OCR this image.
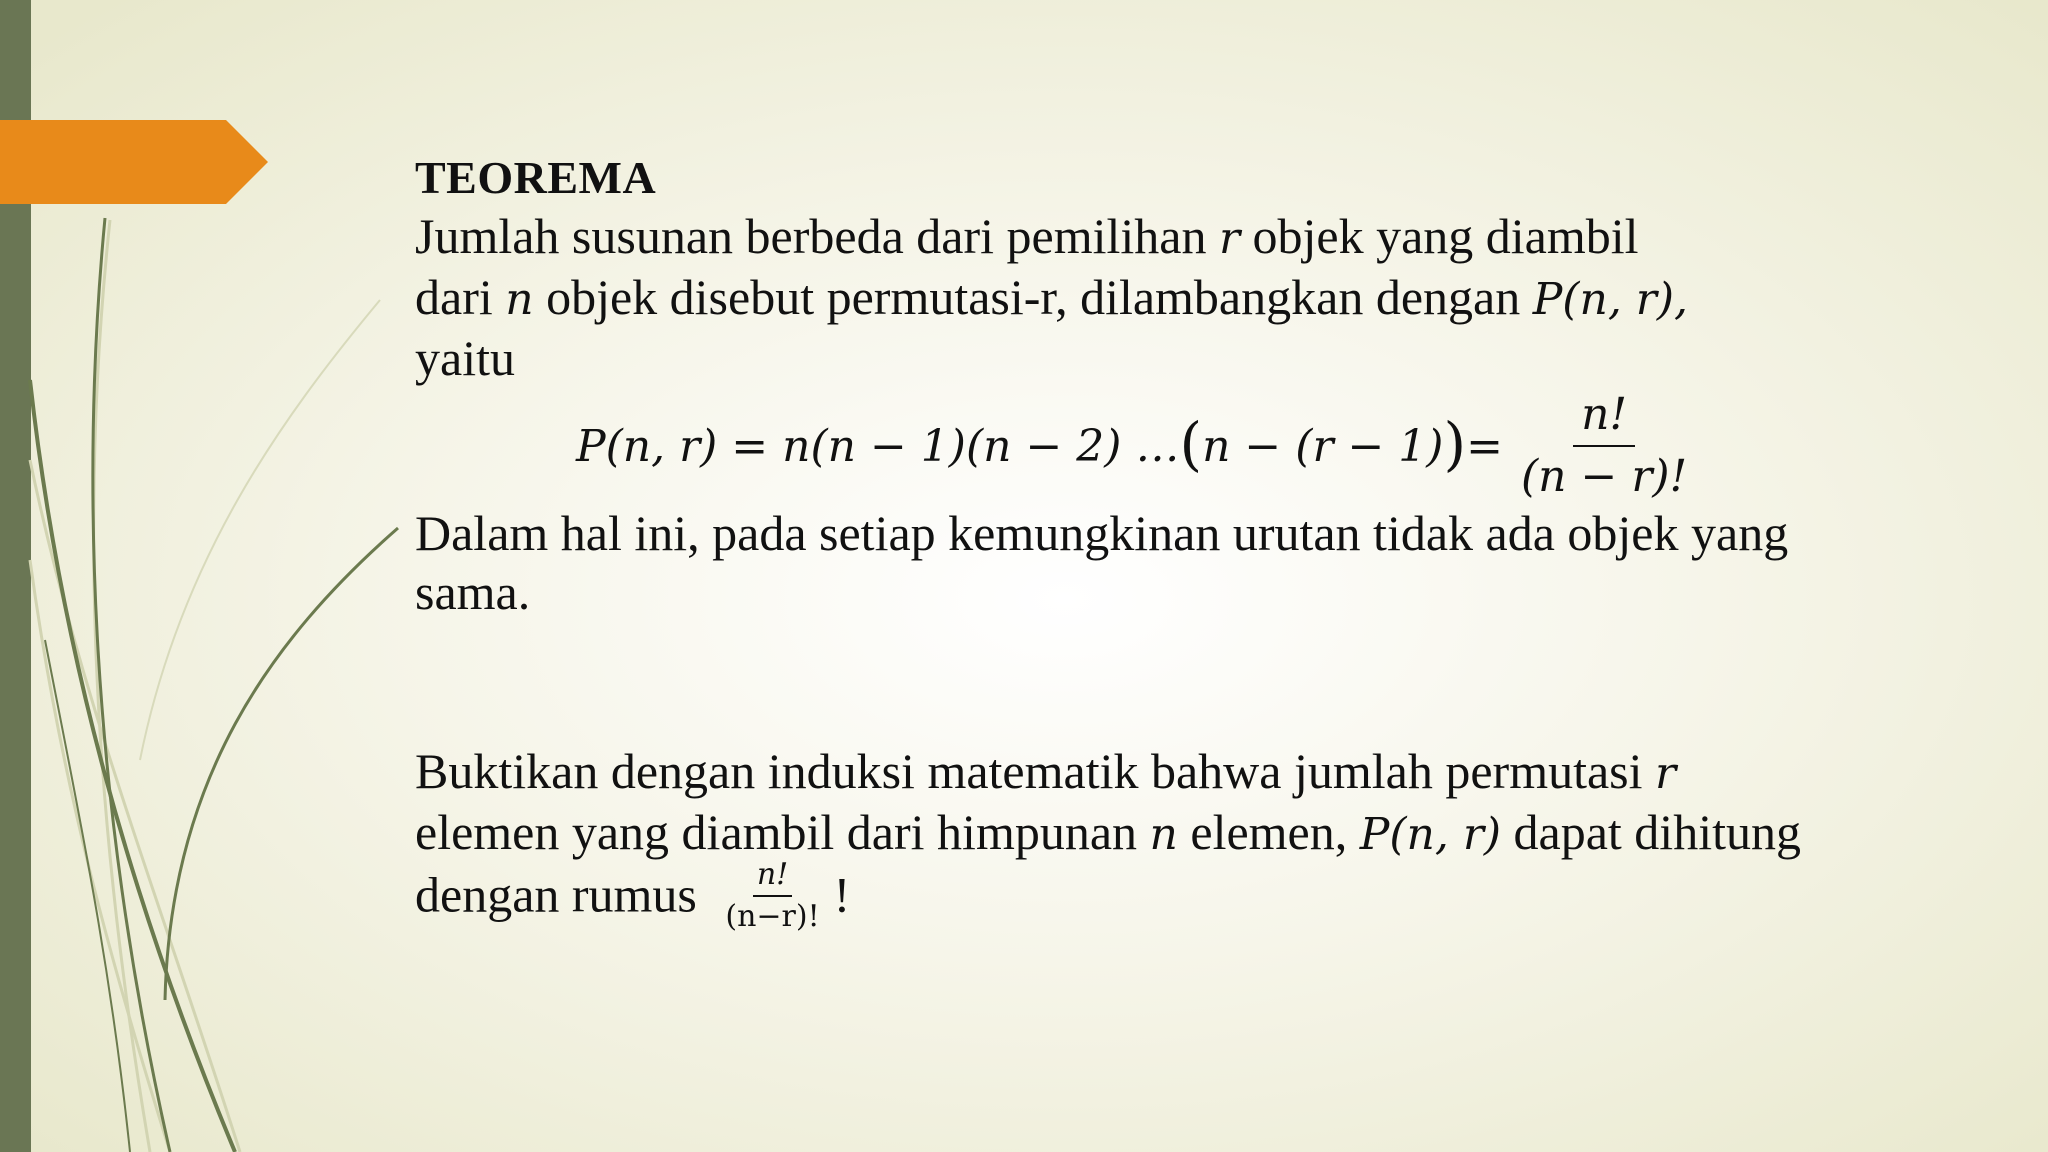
TEOREMA

Jumlah susunan berbeda dari pemilihan r objek yang diambil
dari n objek disebut permutasi-r, dilambangkan dengan P(n, r),
yaitu

P(n, r) = n(n − 1)(n − 2) … ( n − (r − 1) ) = $\frac{n!}{(n - r)!}$

Dalam hal ini, pada setiap kemungkinan urutan tidak ada objek yang sama.

Buktikan dengan induksi matematik bahwa jumlah permutasi r
elemen yang diambil dari himpunan n elemen, P(n, r) dapat dihitung dengan rumus $\frac{n!}{(n-r)!}$ !
